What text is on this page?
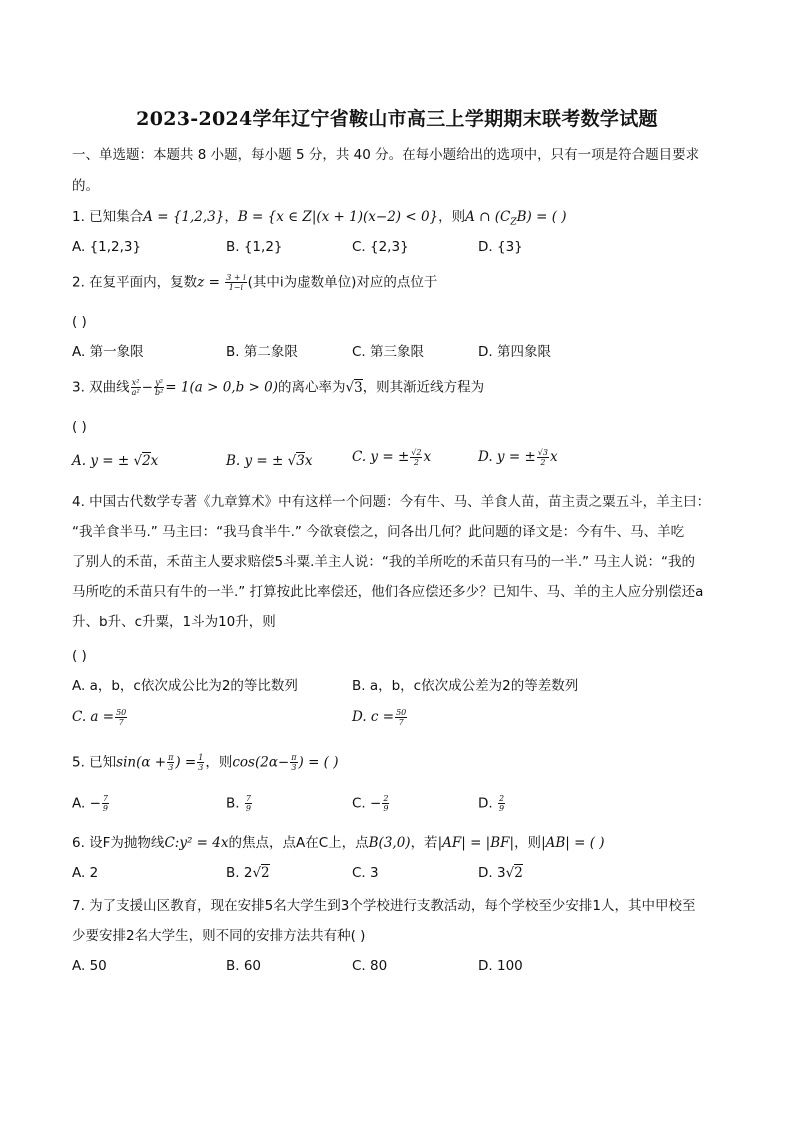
2023-2024学年辽宁省鞍山市高三上学期期末联考数学试题
一、单选题：本题共 8 小题，每小题 5 分，共 40 分。在每小题给出的选项中，只有一项是符合题目要求
的。
1. 已知集合A = {1,2,3}，B = {x ∈ Z|(x + 1)(x−2) < 0}，则A ∩ $(C_ZB)$ = ( )
A. {1,2,3}	B. {1,2}	C. {2,3}	D. {3}
2. 在复平面内，复数$z = \frac{3 + i}{1-i}$ (其中i为虚数单位)对应的点位于
( )
A. 第一象限	B. 第二象限	C. 第三象限	D. 第四象限
3. 双曲线 $\frac{\text{x²}}{\text{a²}} - \frac{\text{y²}}{\text{b²}} = 1(a > 0,b > 0)$的离心率为√3，则其渐近线方程为
( )
A. y = ± √2x	B. y = ± √3x	C. y = ± $\frac{√2}{2}$ x	D. y = ± $\frac{√3}{2}$ x
4. 中国古代数学专著《九章算术》中有这样一个问题：今有牛、马、羊食人苗，苗主责之粟五斗，羊主曰：
“我羊食半马.” 马主曰：“我马食半牛.” 今欲衰偿之，问各出几何？此问题的译文是：今有牛、马、羊吃
了别人的禾苗，禾苗主人要求赔偿5斗粟.羊主人说：“我的羊所吃的禾苗只有马的一半.” 马主人说：“我的
马所吃的禾苗只有牛的一半.” 打算按此比率偿还，他们各应偿还多少？已知牛、马、羊的主人应分别偿还a
升、b升、c升粟，1斗为10升，则
( )
A. a，b，c依次成公比为2的等比数列	B. a，b，c依次成公差为2的等差数列
C. $a = \frac{50}{7}$	D. $c = \frac{50}{7}$
5. 已知$\sin(\alpha + \frac{\pi}{3}$ ) = $\frac{1}{3}$ ，则$\cos(2\alpha- \frac{\pi}{3}$ ) = ( )
A. − $\frac{7}{9}$	B. $\frac{7}{9}$	C. − $\frac{2}{9}$	D. $\frac{2}{9}$
6. 设F为抛物线C:y² = 4x的焦点，点A在C上，点B(3,0)，若|AF| = |BF|，则|AB| = ( )
A. 2	B. 2√2	C. 3	D. 3√2
7. 为了支援山区教育，现在安排5名大学生到3个学校进行支教活动，每个学校至少安排1人，其中甲校至
少要安排2名大学生，则不同的安排方法共有种( )
A. 50	B. 60	C. 80	D. 100
